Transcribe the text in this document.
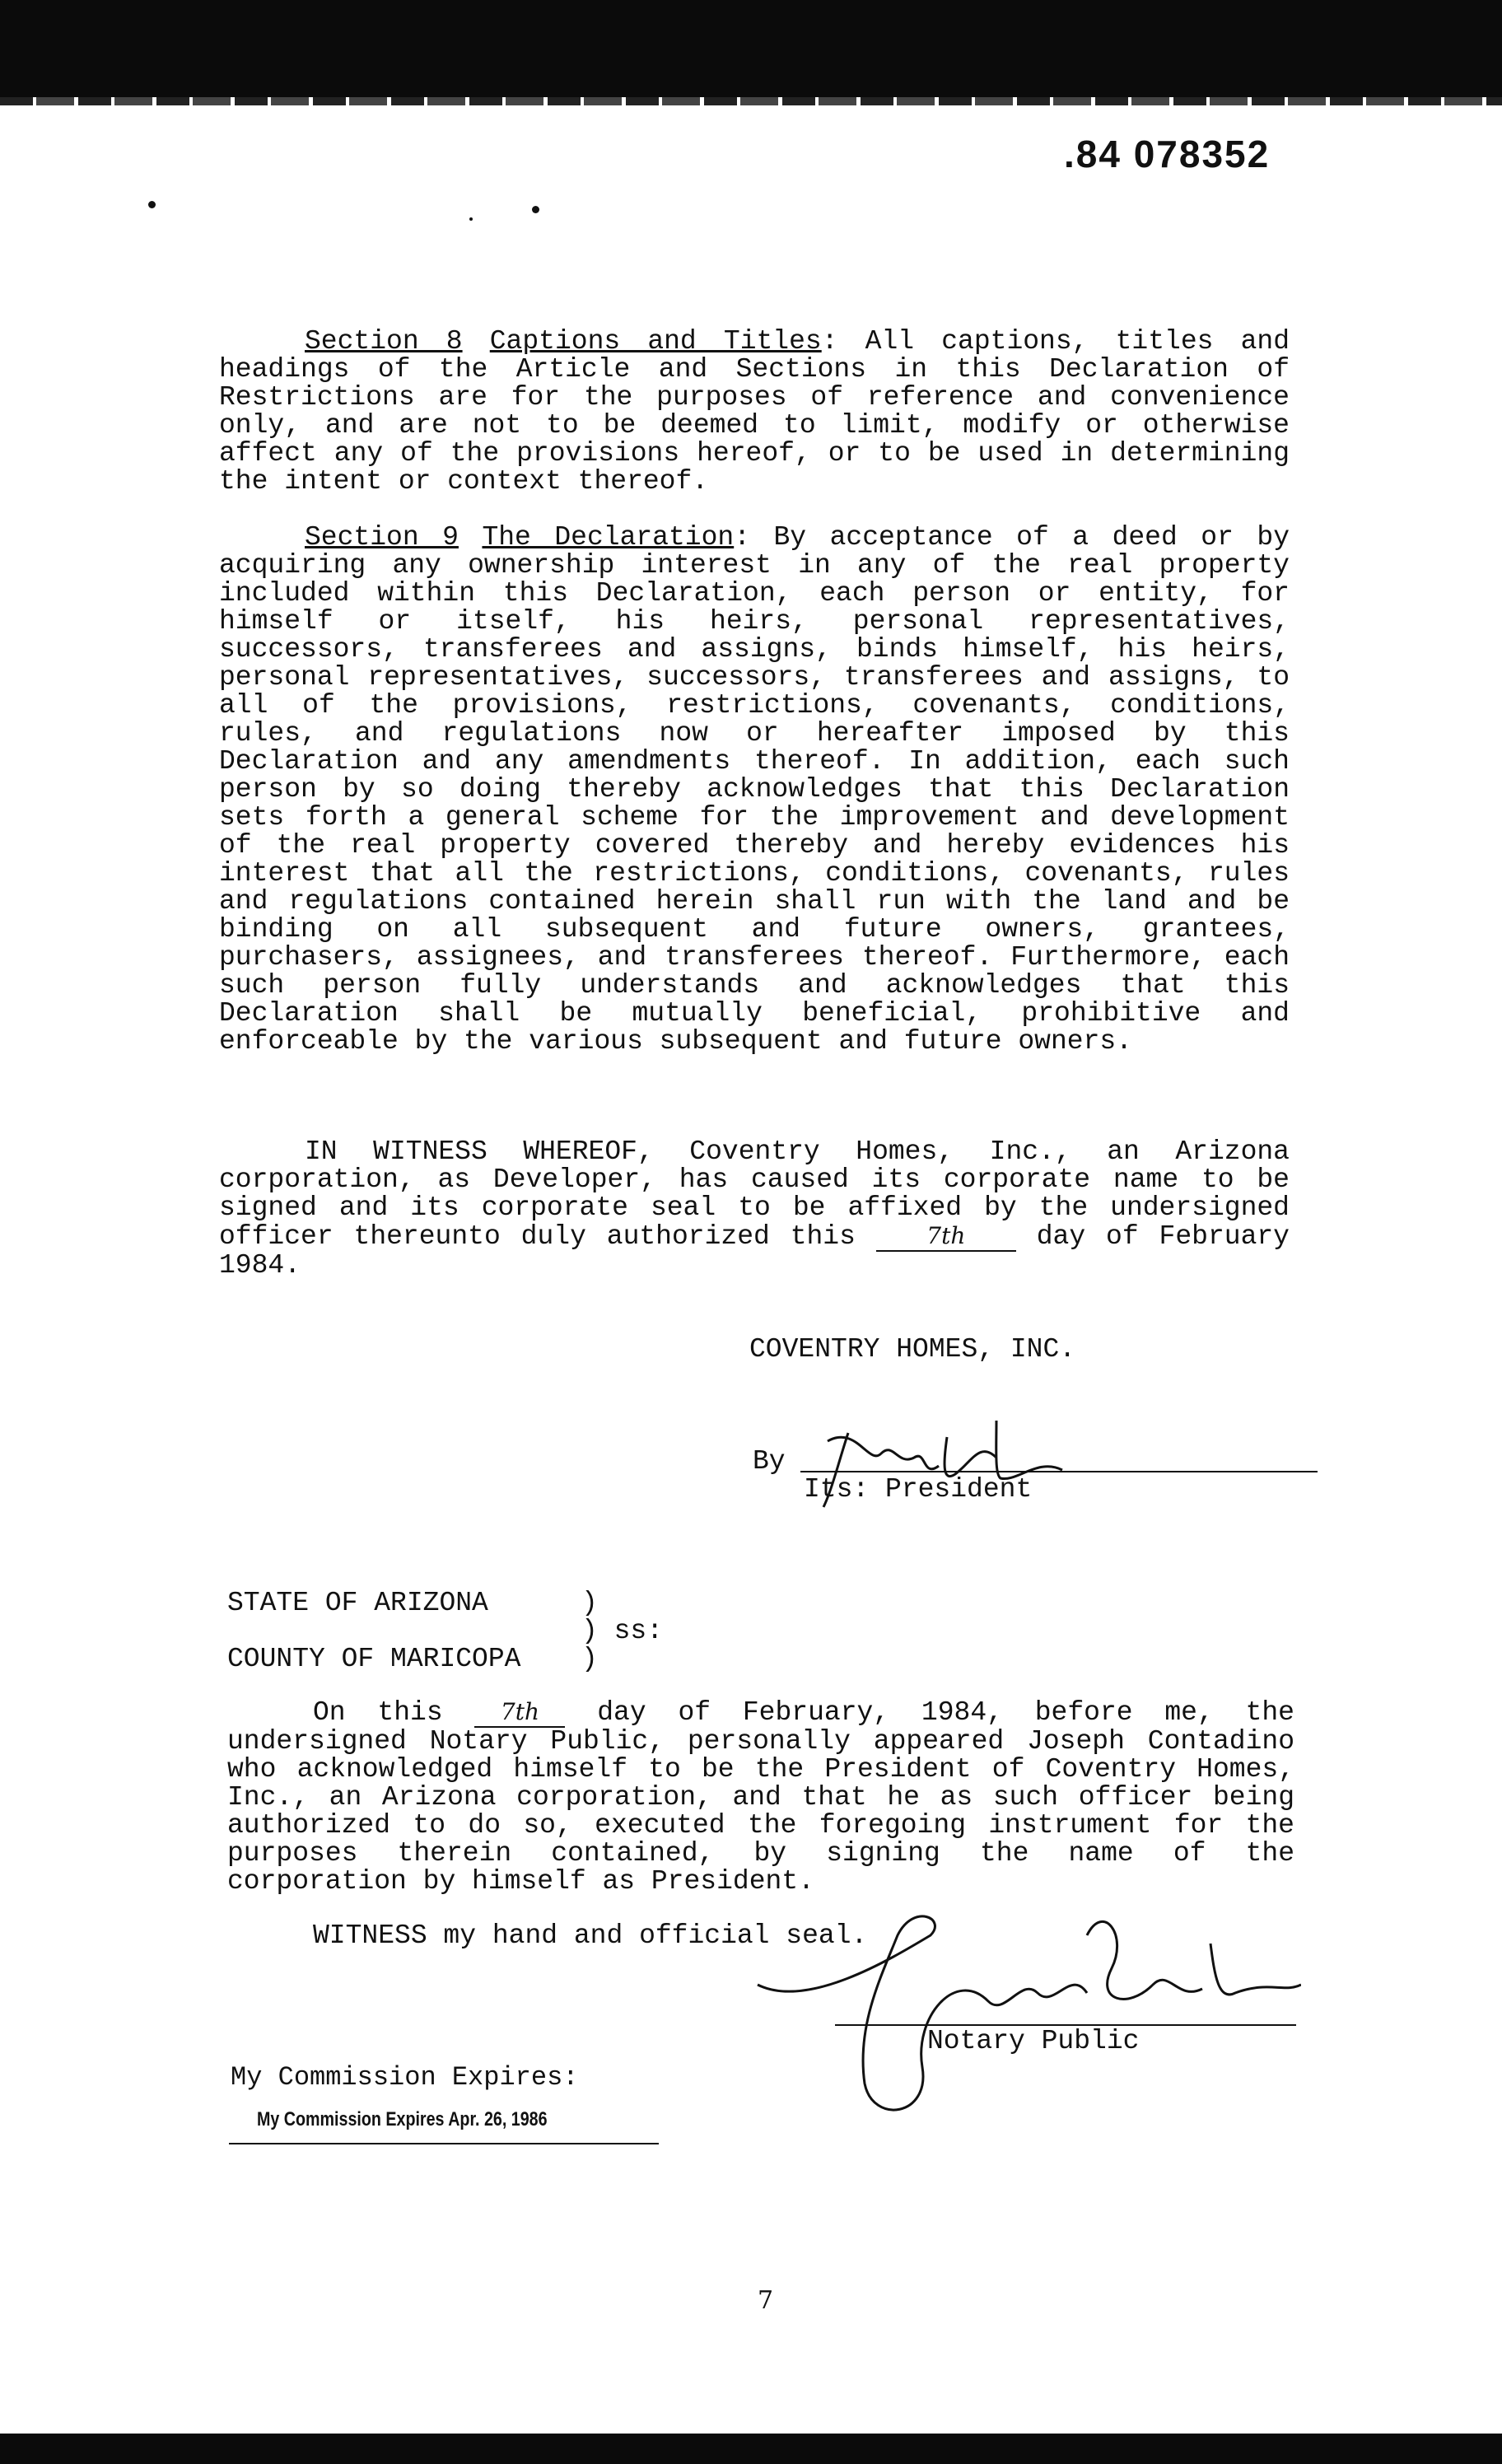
.84 078352

Section 8 Captions and Titles: All captions, titles and headings of the Article and Sections in this Declaration of Restrictions are for the purposes of reference and convenience only, and are not to be deemed to limit, modify or otherwise affect any of the provisions hereof, or to be used in determining the intent or context thereof.

Section 9 The Declaration: By acceptance of a deed or by acquiring any ownership interest in any of the real property included within this Declaration, each person or entity, for himself or itself, his heirs, personal representatives, successors, transferees and assigns, binds himself, his heirs, personal representatives, successors, transferees and assigns, to all of the provisions, restrictions, covenants, conditions, rules, and regulations now or hereafter imposed by this Declaration and any amendments thereof. In addition, each such person by so doing thereby acknowledges that this Declaration sets forth a general scheme for the improvement and development of the real property covered thereby and hereby evidences his interest that all the restrictions, conditions, covenants, rules and regulations contained herein shall run with the land and be binding on all subsequent and future owners, grantees, purchasers, assignees, and transferees thereof. Furthermore, each such person fully understands and acknowledges that this Declaration shall be mutually beneficial, prohibitive and enforceable by the various subsequent and future owners.

IN WITNESS WHEREOF, Coventry Homes, Inc., an Arizona corporation, as Developer, has caused its corporate name to be signed and its corporate seal to be affixed by the undersigned officer thereunto duly authorized this	7th	day of February 1984.

COVENTRY HOMES, INC.
By
Its: President
STATE OF ARIZONA	)
) ss:
COUNTY OF MARICOPA )

On this	7th day of February, 1984, before me, the undersigned Notary Public, personally appeared Joseph Contadino who acknowledged himself to be the President of Coventry Homes, Inc., an Arizona corporation, and that he as such officer being authorized to do so, executed the foregoing instrument for the purposes therein contained, by signing the name of the corporation by himself as President.

WITNESS my hand and official seal.
Notary Public
My Commission Expires:
My Commission Expires Apr. 26, 1986
7
